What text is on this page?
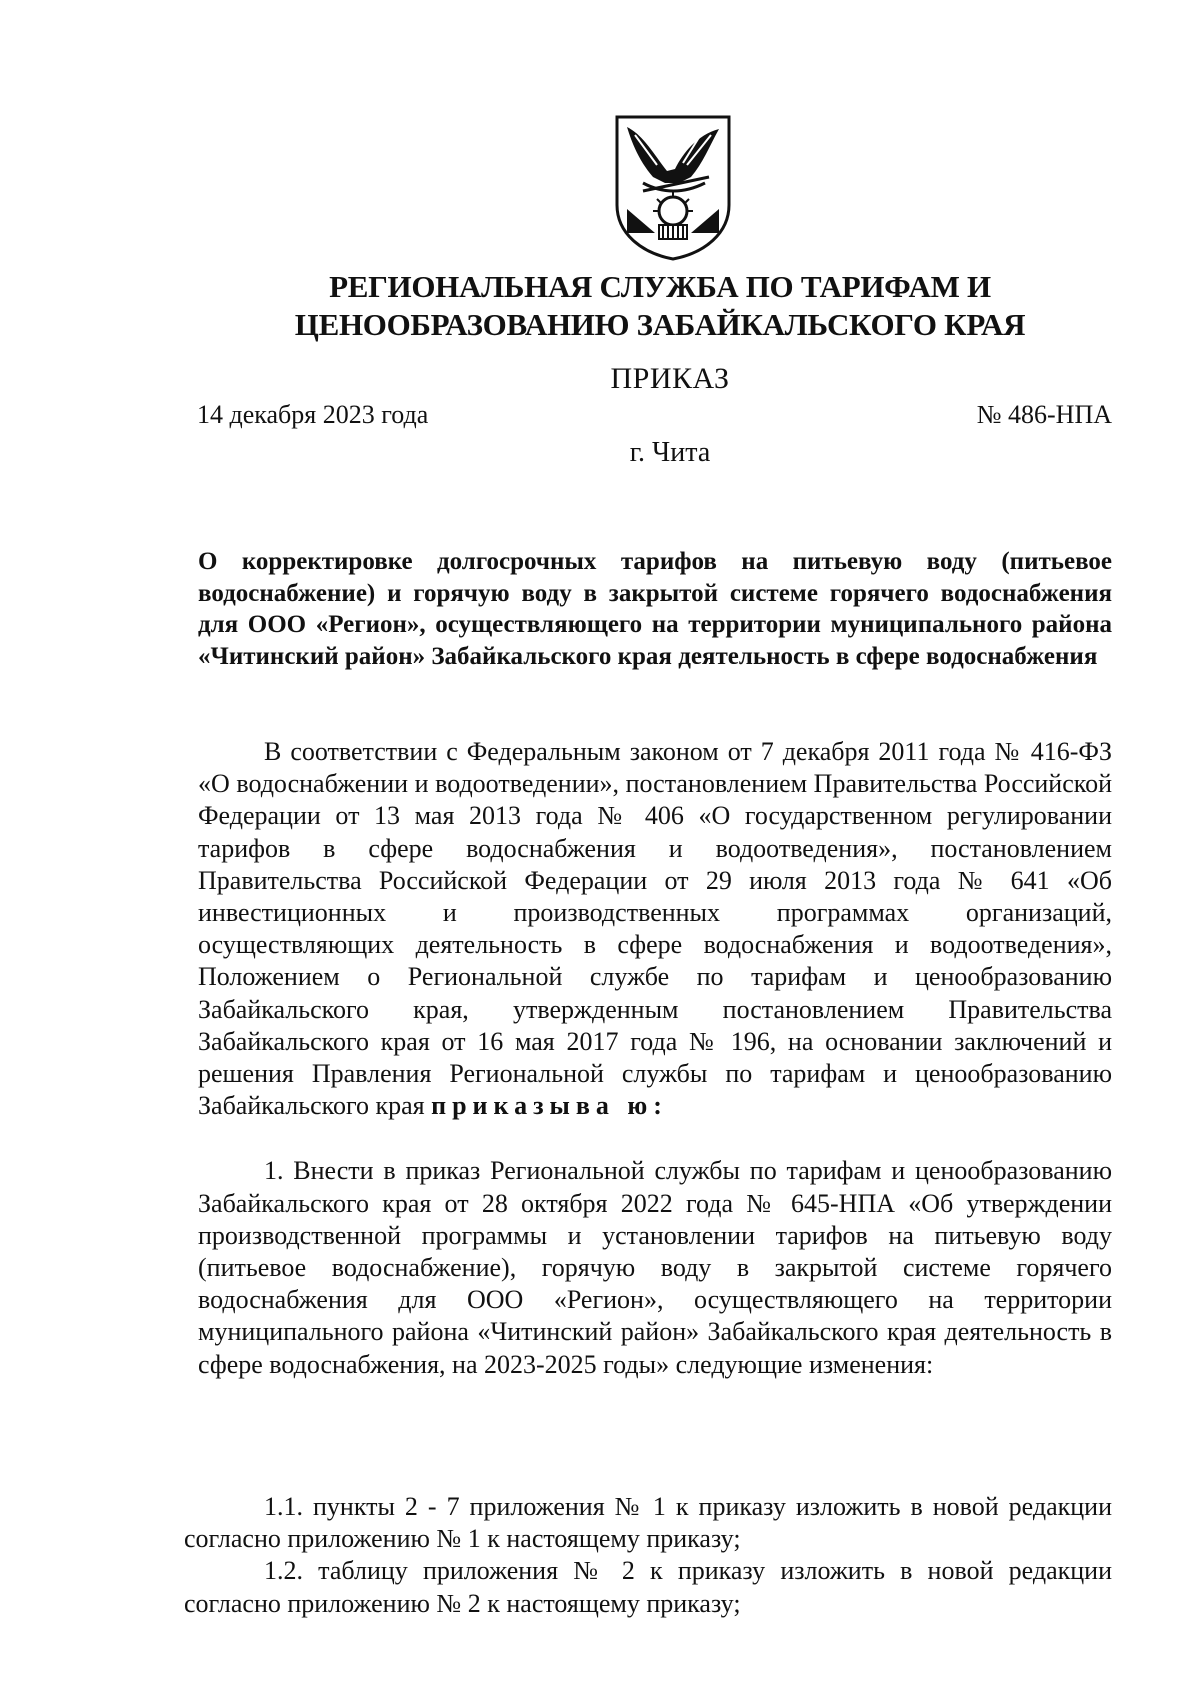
РЕГИОНАЛЬНАЯ СЛУЖБА ПО ТАРИФАМ И
ЦЕНООБРАЗОВАНИЮ ЗАБАЙКАЛЬСКОГО КРАЯ
ПРИКАЗ
14 декабря 2023 года	№ 486-НПА
г. Чита
О корректировке долгосрочных тарифов на питьевую воду (питьевое водоснабжение) и горячую воду в закрытой системе горячего водоснабжения для ООО «Регион», осуществляющего на территории муниципального района «Читинский район» Забайкальского края деятельность в сфере водоснабжения

В соответствии с Федеральным законом от 7 декабря 2011 года № 416-ФЗ «О водоснабжении и водоотведении», постановлением Правительства Российской Федерации от 13 мая 2013 года № 406 «О государственном регулировании тарифов в сфере водоснабжения и водоотведения», постановлением Правительства Российской Федерации от 29 июля 2013 года № 641 «Об инвестиционных и производственных программах организаций, осуществляющих деятельность в сфере водоснабжения и водоотведения», Положением о Региональной службе по тарифам и ценообразованию Забайкальского края, утвержденным постановлением Правительства Забайкальского края от 16 мая 2017 года № 196, на основании заключений и решения Правления Региональной службы по тарифам и ценообразованию Забайкальского края приказыва ю:

1. Внести в приказ Региональной службы по тарифам и ценообразованию Забайкальского края от 28 октября 2022 года № 645-НПА «Об утверждении производственной программы и установлении тарифов на питьевую воду (питьевое водоснабжение), горячую воду в закрытой системе горячего водоснабжения для ООО «Регион», осуществляющего на территории муниципального района «Читинский район» Забайкальского края деятельность в сфере водоснабжения, на 2023-2025 годы» следующие изменения:

1.1. пункты 2 - 7 приложения № 1 к приказу изложить в новой редакции согласно приложению № 1 к настоящему приказу;

1.2. таблицу приложения № 2 к приказу изложить в новой редакции согласно приложению № 2 к настоящему приказу;
